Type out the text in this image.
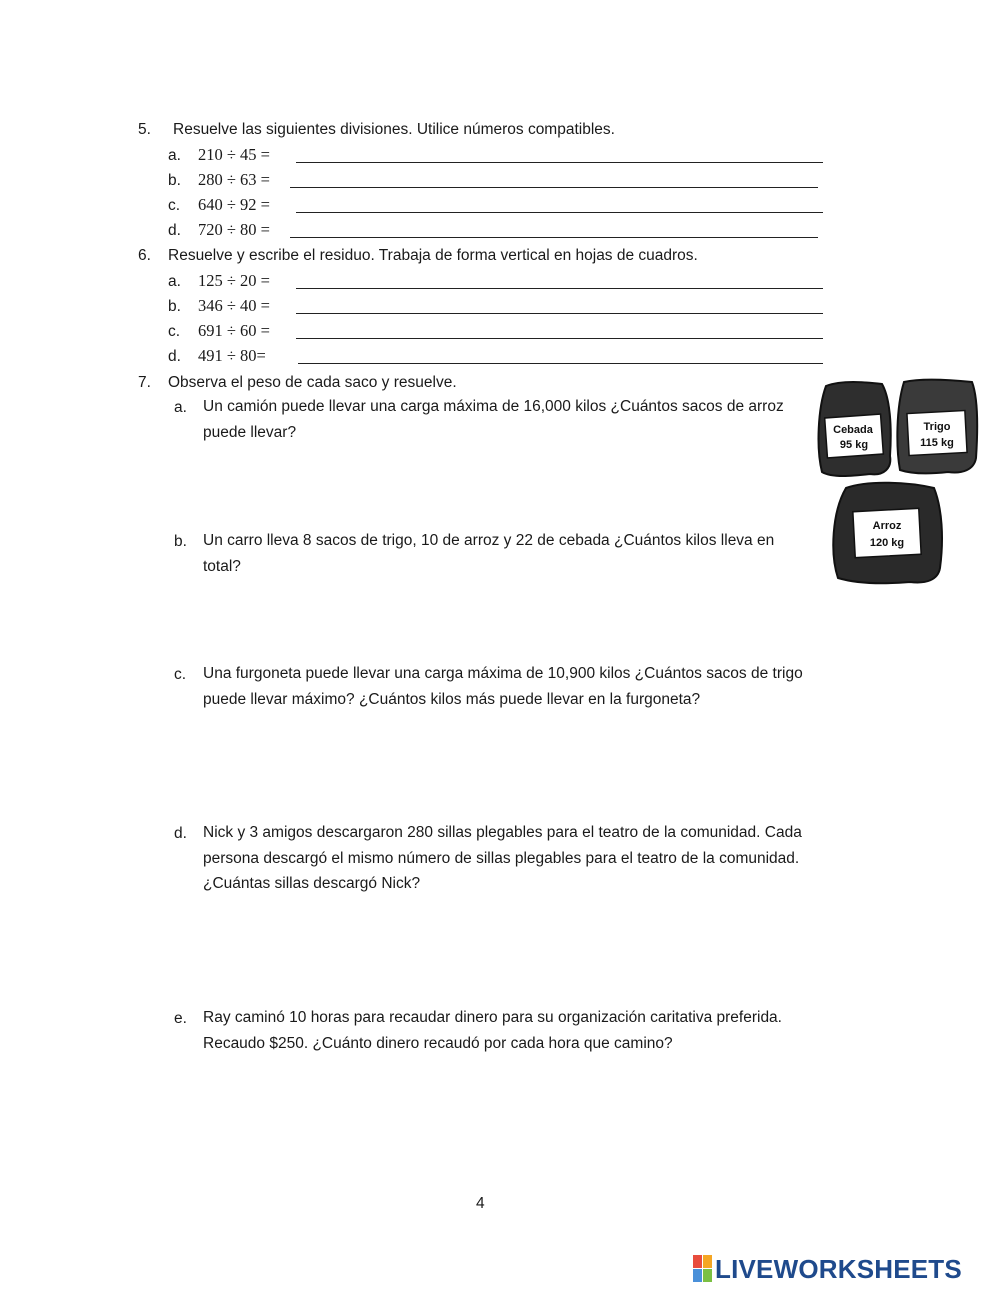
5. Resuelve las siguientes divisiones. Utilice números compatibles.
a. 210 ÷ 45 =
b. 280 ÷ 63 =
c. 640 ÷ 92 =
d. 720 ÷ 80 =
6. Resuelve y escribe el residuo. Trabaja de forma vertical en hojas de cuadros.
a. 125 ÷ 20 =
b. 346 ÷ 40 =
c. 691 ÷ 60 =
d. 491 ÷ 80=
7. Observa el peso de cada saco y resuelve.
a. Un camión puede llevar una carga máxima de 16,000 kilos ¿Cuántos sacos de arroz puede llevar?
b. Un carro lleva 8 sacos de trigo, 10 de arroz y 22 de cebada ¿Cuántos kilos lleva en total?
c. Una furgoneta puede llevar una carga máxima de 10,900 kilos ¿Cuántos sacos de trigo puede llevar máximo? ¿Cuántos kilos más puede llevar en la furgoneta?
d. Nick y 3 amigos descargaron 280 sillas plegables para el teatro de la comunidad. Cada persona descargó el mismo número de sillas plegables para el teatro de la comunidad. ¿Cuántas sillas descargó Nick?
e. Ray caminó 10 horas para recaudar dinero para su organización caritativa preferida. Recaudo $250. ¿Cuánto dinero recaudó por cada hora que camino?
Cebada
95 kg
Trigo
115 kg
Arroz
120 kg
4
LIVEWORKSHEETS
